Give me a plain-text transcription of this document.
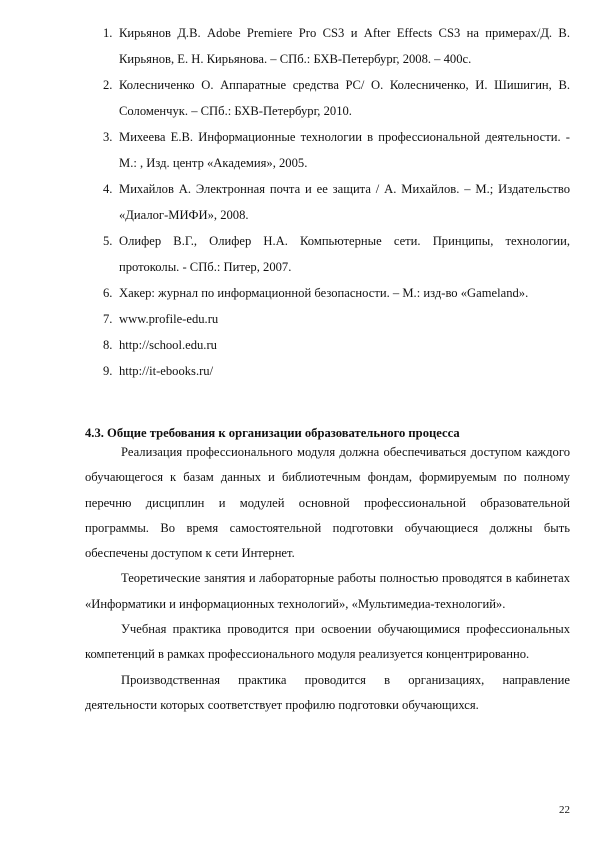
1. Кирьянов Д.В. Adobe Premiere Pro CS3 и After Effects CS3 на примерах/Д. В. Кирьянов, Е. Н. Кирьянова. – СПб.: БХВ-Петербург, 2008. – 400с.
2. Колесниченко О. Аппаратные средства PC/ О. Колесниченко, И. Шишигин, В. Соломенчук. – СПб.: БХВ-Петербург, 2010.
3. Михеева Е.В. Информационные технологии в профессиональной деятельности. - М.: , Изд. центр «Академия», 2005.
4. Михайлов А. Электронная почта и ее защита / А. Михайлов. – М.; Издательство «Диалог-МИФИ», 2008.
5. Олифер В.Г., Олифер Н.А. Компьютерные сети. Принципы, технологии, протоколы. - СПб.: Питер, 2007.
6. Хакер: журнал по информационной безопасности. – М.: изд-во «Gameland».
7. www.profile-edu.ru
8. http://school.edu.ru
9. http://it-ebooks.ru/
4.3. Общие требования к организации образовательного процесса

Реализация профессионального модуля должна обеспечиваться доступом каждого обучающегося к базам данных и библиотечным фондам, формируемым по полному перечню дисциплин и модулей основной профессиональной образовательной программы. Во время самостоятельной подготовки обучающиеся должны быть обеспечены доступом к сети Интернет.

Теоретические занятия и лабораторные работы полностью проводятся в кабинетах «Информатики и информационных технологий», «Мультимедиа-технологий».

Учебная практика проводится при освоении обучающимися профессиональных компетенций в рамках профессионального модуля реализуется концентрированно.

Производственная практика проводится в организациях, направление деятельности которых соответствует профилю подготовки обучающихся.

22
